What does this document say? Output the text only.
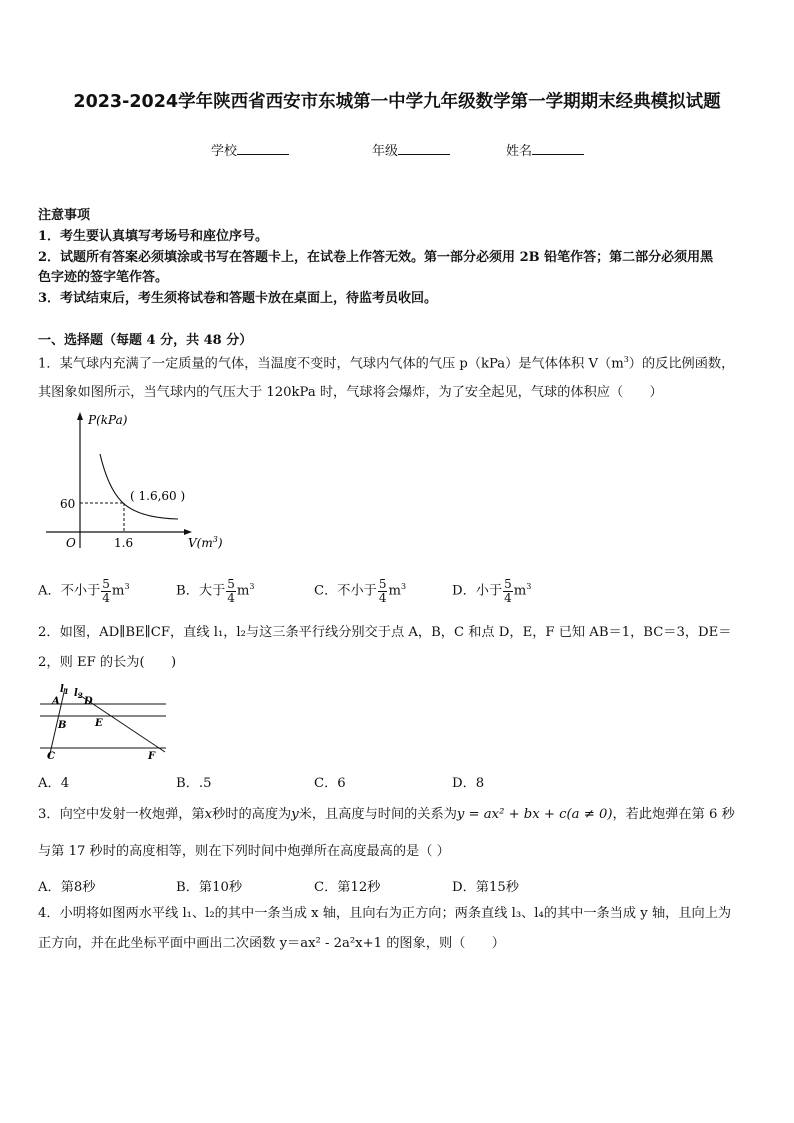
2023-2024学年陕西省西安市东城第一中学九年级数学第一学期期末经典模拟试题
学校	年级	姓名
注意事项
1．考生要认真填写考场号和座位序号。
2．试题所有答案必须填涂或书写在答题卡上，在试卷上作答无效。第一部分必须用 2B 铅笔作答；第二部分必须用黑
色字迹的签字笔作答。
3．考试结束后，考生须将试卷和答题卡放在桌面上，待监考员收回。
一、选择题（每题 4 分，共 48 分）
1．某气球内充满了一定质量的气体，当温度不变时，气球内气体的气压 p（kPa）是气体体积 $V(m^3)$的反比例函数，
其图象如图所示，当气球内的气压大于 120kPa 时，气球将会爆炸，为了安全起见，气球的体积应（　　）
P(kPa)
60
1.6
O
( 1.6,60 )
$V(m^3)$
A．不小于 $\frac{5}{4} m^3$	B．大于 $\frac{5}{4} m^3$	C．不小于 $\frac{5}{4} m^3$	D．小于 $\frac{5}{4} m^3$
2．如图，AD∥BE∥CF，直线 l₁，l₂与这三条平行线分别交于点 A，B，C 和点 D，E，F 已知 AB＝1，BC＝3，DE＝
2，则 EF 的长为(　　)
A
B
C
D
E
F
$l_1$ $l_2$
A．4	B．.5	C．6	D．8
3．向空中发射一枚炮弹，第x秒时的高度为y米，且高度与时间的关系为y = ax² + bx + c(a ≠ 0)，若此炮弹在第 6 秒
与第 17 秒时的高度相等，则在下列时间中炮弹所在高度最高的是（ ）
A．第8秒	B．第10秒	C．第12秒	D．第15秒
4．小明将如图两水平线 l₁、l₂的其中一条当成 x 轴，且向右为正方向；两条直线 l₃、l₄的其中一条当成 y 轴，且向上为
正方向，并在此坐标平面中画出二次函数 y＝ax² - 2a²x+1 的图象，则（　　）
